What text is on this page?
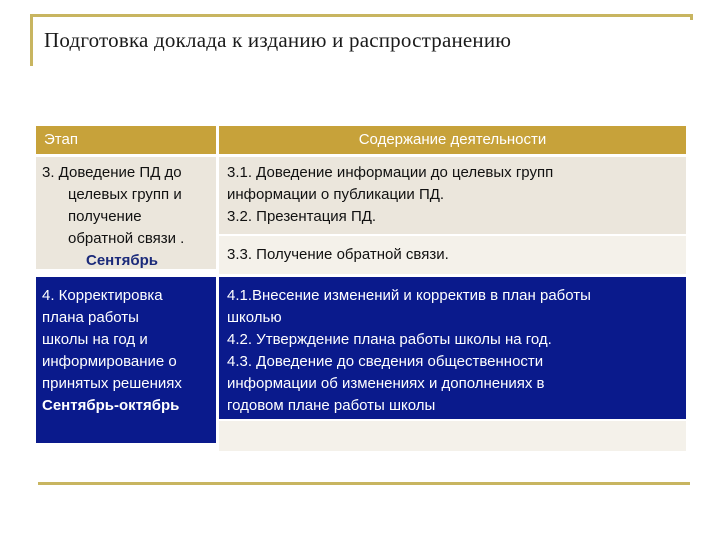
Подготовка доклада к изданию и распространению
Этап	Содержание деятельности
3. Доведение ПД до
целевых групп и
получение
обратной связи .
Сентябрь
3.1. Доведение информации до целевых групп
информации о публикации ПД.
3.2. Презентация ПД.
3.3. Получение обратной связи.
4. Корректировка
плана работы
школы на год и
информирование о
принятых решениях
Сентябрь-октябрь
4.1.Внесение изменений и корректив в план работы
школью
4.2. Утверждение плана работы школы на год.
4.3. Доведение до сведения общественности
информации об изменениях и дополнениях в
годовом плане работы школы
